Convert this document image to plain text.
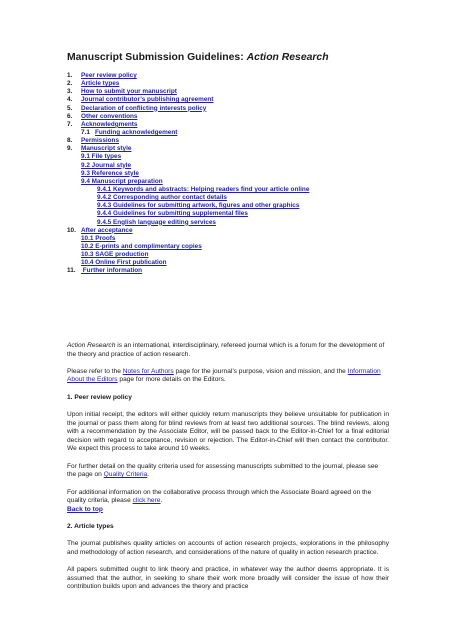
Manuscript Submission Guidelines: Action Research
1. Peer review policy
2. Article types
3. How to submit your manuscript
4. Journal contributor’s publishing agreement
5. Declaration of conflicting interests policy
6. Other conventions
7. Acknowledgments
7.1 Funding acknowledgement
8. Permissions
9. Manuscript style
9.1 File types
9.2 Journal style
9.3 Reference style
9.4 Manuscript preparation
9.4.1 Keywords and abstracts: Helping readers find your article online
9.4.2 Corresponding author contact details
9.4.3 Guidelines for submitting artwork, figures and other graphics
9.4.4 Guidelines for submitting supplemental files
9.4.5 English language editing services
10. After acceptance
10.1 Proofs
10.2 E-prints and complimentary copies
10.3 SAGE production
10.4 Online First publication
11. Further information

Action Research is an international, interdisciplinary, refereed journal which is a forum for the development of the theory and practice of action research.

Please refer to the Notes for Authors page for the journal’s purpose, vision and mission, and the Information About the Editors page for more details on the Editors.

1. Peer review policy

Upon initial receipt, the editors will either quickly return manuscripts they believe unsuitable for publication in the journal or pass them along for blind reviews from at least two additional sources. The blind reviews, along with a recommendation by the Associate Editor, will be passed back to the Editor-in-Chief for a final editorial decision with regard to acceptance, revision or rejection. The Editor-in-Chief will then contact the contributor. We expect this process to take around 10 weeks.

For further detail on the quality criteria used for assessing manuscripts submitted to the journal, please see the page on Quality Criteria.

For additional information on the collaborative process through which the Associate Board agreed on the quality criteria, please click here.

Back to top

2. Article types

The journal publishes quality articles on accounts of action research projects, explorations in the philosophy and methodology of action research, and considerations of the nature of quality in action research practice.

All papers submitted ought to link theory and practice, in whatever way the author deems appropriate. It is assumed that the author, in seeking to share their work more broadly will consider the issue of how their contribution builds upon and advances the theory and practice
